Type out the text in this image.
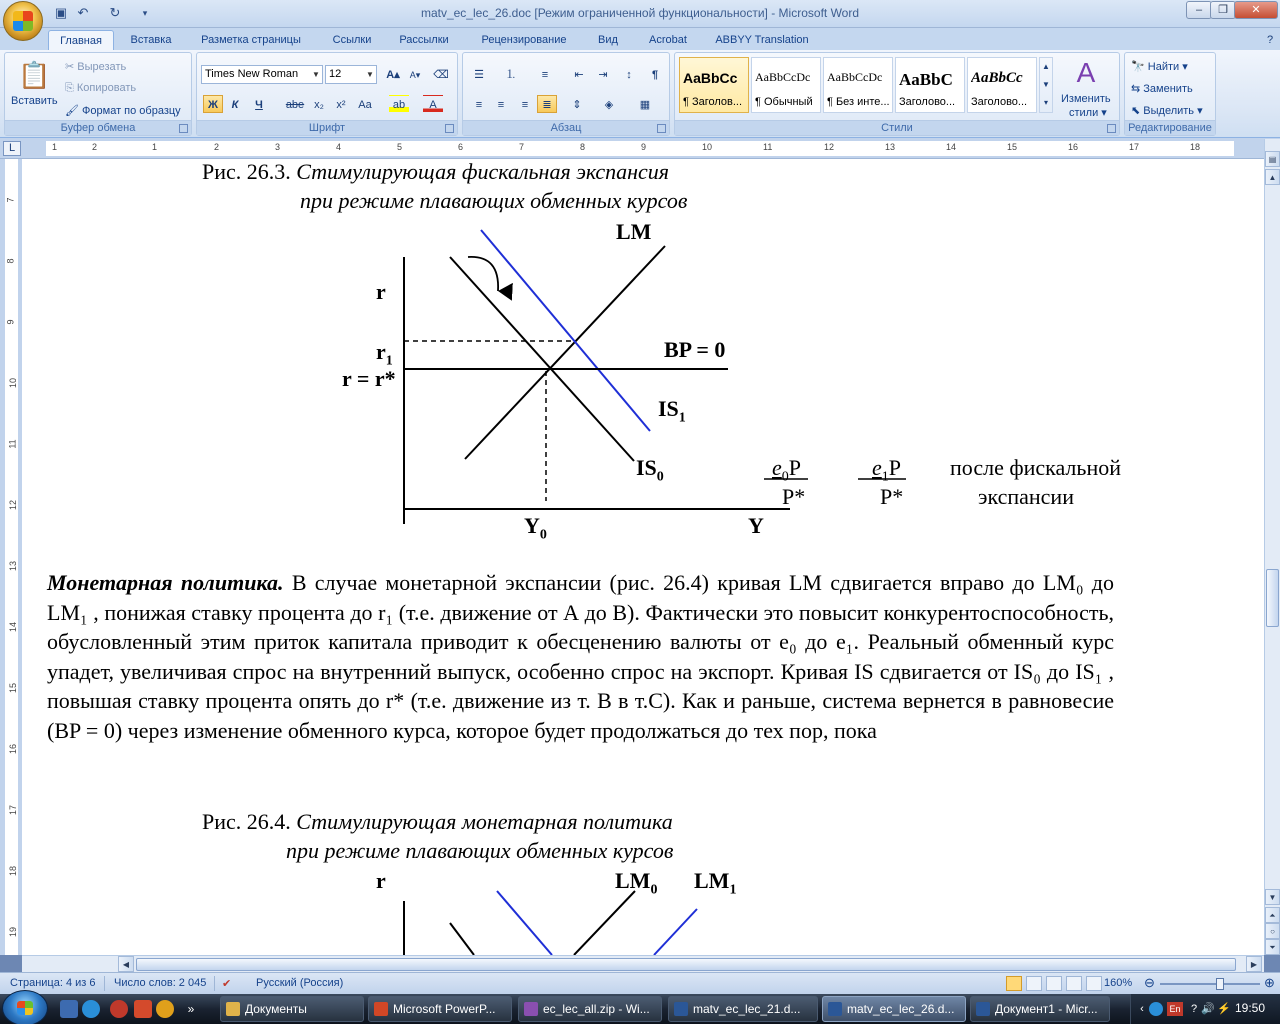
▣ ↶ ↻	▾	matv_ec_lec_26.doc [Режим ограниченной функциональности] - Microsoft Word	‒	❐	✕
Главная	Вставка	Разметка страницы	Ссылки	Рассылки	Рецензирование	Вид	Acrobat	ABBYY Translation	?
📋
Вставить
✂ Вырезать
⎘ Копировать
🖌 Формат по образцу
Буфер обмена
Times New Roman ▼ 12	▼ A▴	A▾	⌫
Ж	К	Ч	abe x₂	x²	Aa	ab	A
Шрифт
☰	⒈	≡	⇤	⇥	↕	¶
≡	≡	≡	≣	⇕	◈	▦
Абзац
AaBbCc
¶ Заголов...
AaBbCcDc
¶ Обычный
AaBbCcDc
¶ Без инте...
AaBbC
Заголово...
AaBbCc
Заголово...
▲
▼
▾
A
Изменить
стили ▾
Стили
🔭 Найти ▾
⇆ Заменить
⬉ Выделить ▾
Редактирование
L	1	2	1	2	3	4	5	6	7	8	9	10	11	12	13	14	15	16	17	18
7
8
9
10
11
12
13
14
15
16
17
18
19
Рис. 26.3. Стимулирующая фискальная экспансия
при режиме плавающих обменных курсов
LM
r
$r_1$
r = r*
BP = 0
$IS_1$
$IS_0$
$Y_0$	Y
$e_0P$	$e_1P$
P*	P*
после фискальной
экспансии
Монетарная политика. В случае монетарной экспансии (рис. 26.4) кривая LM сдвигается вправо до LM₀ до LM₁ , понижая ставку процента до r₁ (т.е. движение от А до B). Фактически это повысит конкурентоспособность, обусловленный этим приток капитала приводит к обесценению валюты от e₀ до e₁. Реальный обменный курс упадет, увеличивая спрос на внутренний выпуск, особенно спрос на экспорт. Кривая IS сдвигается от IS₀ до IS₁ , повышая ставку процента опять до r* (т.е. движение из т. В в т.C). Как и раньше, система вернется в равновесие (BP = 0) через изменение обменного курса, которое будет продолжаться до тех пор, пока
Рис. 26.4. Стимулирующая монетарная политика
при режиме плавающих обменных курсов
r	$LM_0$ $LM_1$
▤
▲
▼
⏶
○
⏷
◀	▶
Страница: 4 из 6 Число слов: 2 045 ✔ Русский (Россия)	160% ⊖	⊕
»	Документы	Microsoft PowerP...	ec_lec_all.zip - Wi...	matv_ec_lec_21.d...	matv_ec_lec_26.d...	Документ1 - Micr...	‹	En ? 🔊 ⚡ 19:50
